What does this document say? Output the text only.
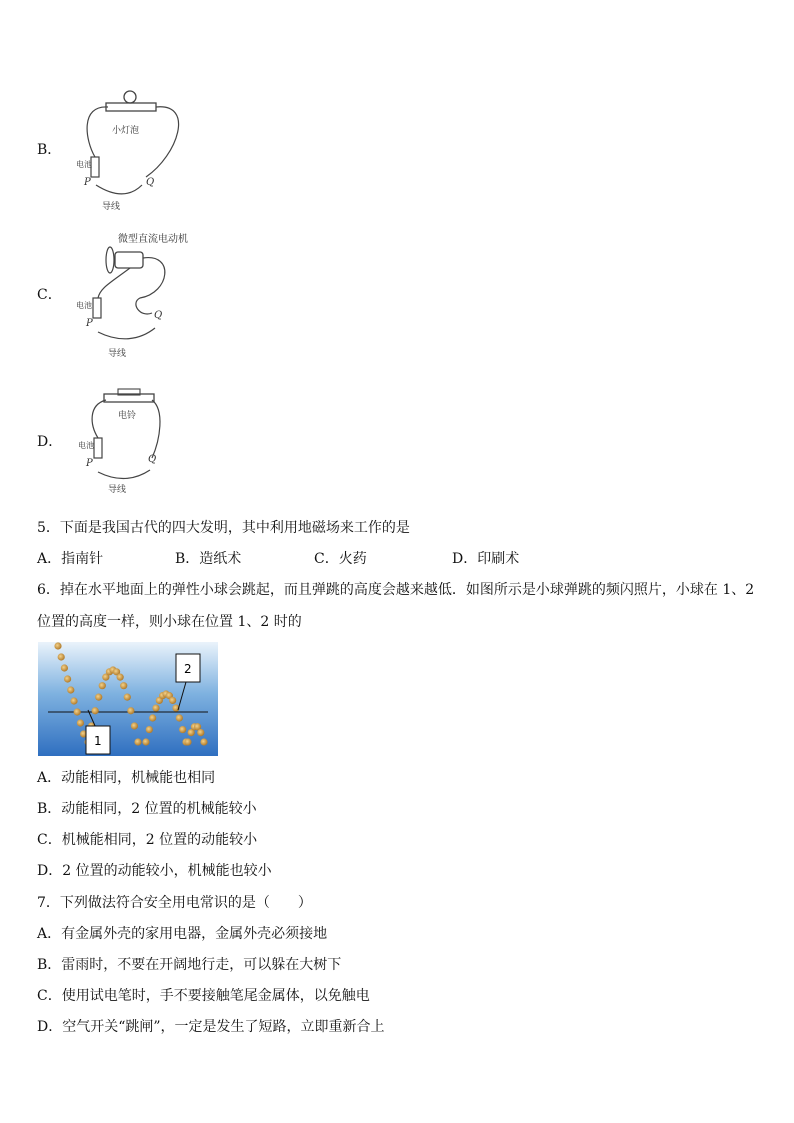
B．
小灯泡
电池
P	Q
导线
C．
微型直流电动机
电池
P
Q
导线
D．
电铃
电池
P	Q
导线
5．下面是我国古代的四大发明，其中利用地磁场来工作的是
A．指南针	B．造纸术	C．火药	D．印刷术
6．掉在水平地面上的弹性小球会跳起，而且弹跳的高度会越来越低．如图所示是小球弹跳的频闪照片，小球在 1、2
位置的高度一样，则小球在位置 1、2 时的
2
1
A．动能相同，机械能也相同
B．动能相同，2 位置的机械能较小
C．机械能相同，2 位置的动能较小
D．2 位置的动能较小，机械能也较小
7．下列做法符合安全用电常识的是（　　）
A．有金属外壳的家用电器，金属外壳必须接地
B．雷雨时，不要在开阔地行走，可以躲在大树下
C．使用试电笔时，手不要接触笔尾金属体，以免触电
D．空气开关“跳闸”，一定是发生了短路，立即重新合上
